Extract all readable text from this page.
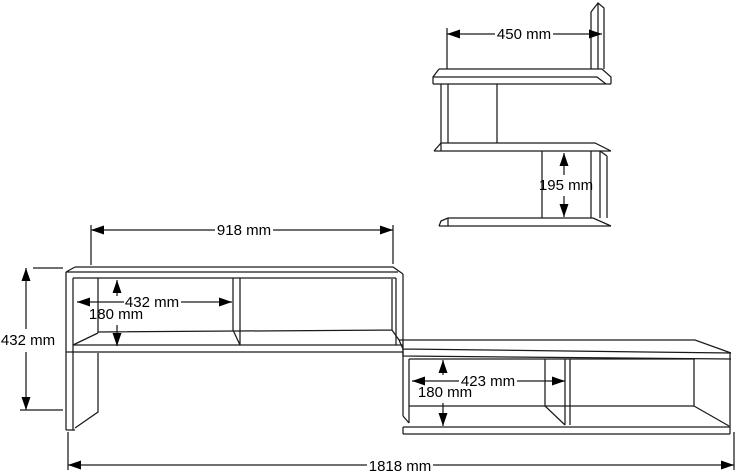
450 mm
195 mm
918 mm
432 mm
432 mm
180 mm
423 mm
180 mm
1818 mm
